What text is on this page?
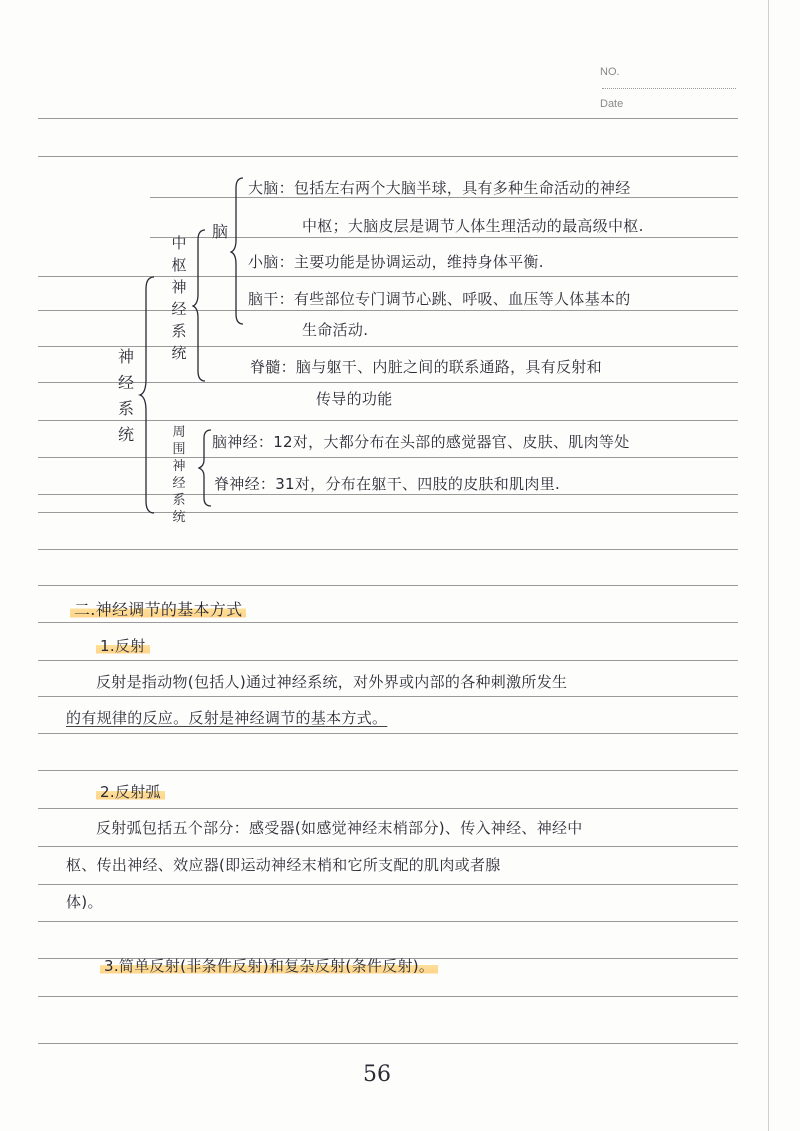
NO.
Date
神经系统
中枢神经系统
脑
大脑：包括左右两个大脑半球，具有多种生命活动的神经
中枢；大脑皮层是调节人体生理活动的最高级中枢.
小脑：主要功能是协调运动，维持身体平衡.
脑干：有些部位专门调节心跳、呼吸、血压等人体基本的
生命活动.
脊髓：脑与躯干、内脏之间的联系通路，具有反射和
传导的功能
周围神经系统
脑神经：12对，大都分布在头部的感觉器官、皮肤、肌肉等处
脊神经：31对，分布在躯干、四肢的皮肤和肌肉里.
二.神经调节的基本方式
1.反射
反射是指动物(包括人)通过神经系统，对外界或内部的各种刺激所发生
的有规律的反应。反射是神经调节的基本方式。
2.反射弧
反射弧包括五个部分：感受器(如感觉神经末梢部分)、传入神经、神经中
枢、传出神经、效应器(即运动神经末梢和它所支配的肌肉或者腺
体)。
3.简单反射(非条件反射)和复杂反射(条件反射)。
56
